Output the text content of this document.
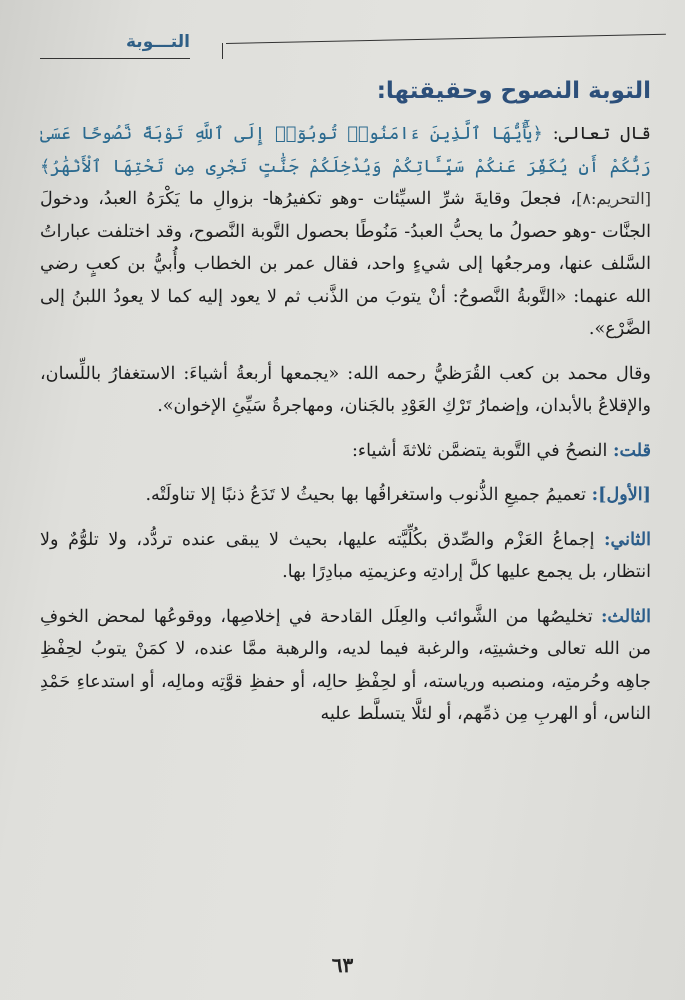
التـــوبة
التوبة النصوح وحقيقتها:

قال تعالى: ﴿يَٰٓأَيُّهَا ٱلَّذِينَ ءَامَنُوا۟ تُوبُوٓا۟ إِلَى ٱللَّهِ تَوْبَةً نَّصُوحًا عَسَىٰ رَبُّكُمْ أَن يُكَفِّرَ عَنكُمْ سَيِّـَٔاتِكُمْ وَيُدْخِلَكُمْ جَنَّٰتٍ تَجْرِى مِن تَحْتِهَا ٱلْأَنْهَٰرُ﴾ [التحريم:٨]، فجعلَ وقايةَ شرِّ السيِّئات -وهو تكفيرُها- بزوالِ ما يَكْرَهُ العبدُ، ودخولَ الجنَّات -وهو حصولُ ما يحبُّ العبدُ- مَنُوطًا بحصول التَّوبة النَّصوح، وقد اختلفت عباراتُ السَّلف عنها، ومرجعُها إلى شيءٍ واحد، فقال عمر بن الخطاب وأُبيُّ بن كعبٍ رضي الله عنهما: «التَّوبةُ النَّصوحُ: أنْ يتوبَ من الذَّنب ثم لا يعود إليه كما لا يعودُ اللبنُ إلى الضَّرْع».

وقال محمد بن كعب القُرَظيُّ رحمه الله: «يجمعها أربعةُ أشياءَ: الاستغفارُ باللِّسان، والإقلاعُ بالأبدان، وإضمارُ تَرْكِ العَوْدِ بالجَنان، ومهاجرةُ سَيِّئِ الإخوان».

قلت: النصحُ في التَّوبة يتضمَّن ثلاثةَ أشياء:

[الأول]: تعميمُ جميعِ الذُّنوب واستغراقُها بها بحيثُ لا تَدَعُ ذنبًا إلا تناولَتْه.

الثاني: إجماعُ العَزْم والصِّدق بكُلِّيَّته عليها، بحيث لا يبقى عنده تردُّد، ولا تلوُّمٌ ولا انتظار، بل يجمع عليها كلَّ إرادتِه وعزيمتِه مبادِرًا بها.

الثالث: تخليصُها من الشَّوائب والعِلَل القادحة في إخلاصِها، ووقوعُها لمحض الخوفِ من الله تعالى وخشيتِه، والرغبة فيما لديه، والرهبة ممَّا عنده، لا كمَنْ يتوبُ لحِفْظِ جاهِه وحُرمتِه، ومنصبه ورياسته، أو لحِفْظِ حالِه، أو حفظِ قوَّتِه ومالِه، أو استدعاءِ حَمْدِ الناس، أو الهربِ مِن ذمِّهم، أو لئلَّا يتسلَّط عليه

٦٣
